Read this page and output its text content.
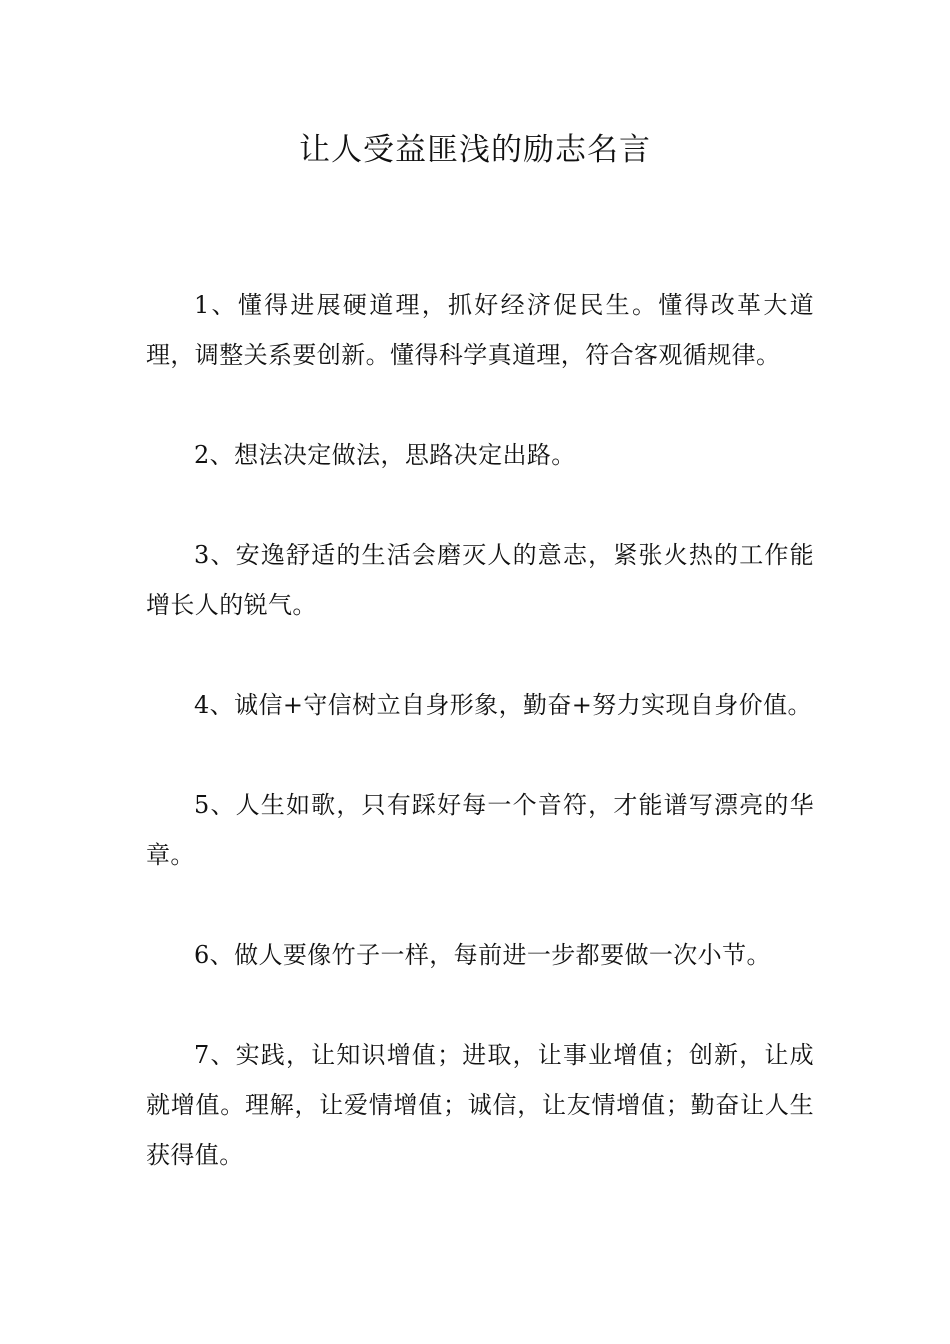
让人受益匪浅的励志名言

1、懂得进展硬道理，抓好经济促民生。懂得改革大道理，调整关系要创新。懂得科学真道理，符合客观循规律。

2、想法决定做法，思路决定出路。

3、安逸舒适的生活会磨灭人的意志，紧张火热的工作能增长人的锐气。

4、诚信+守信树立自身形象，勤奋+努力实现自身价值。

5、人生如歌，只有踩好每一个音符，才能谱写漂亮的华章。

6、做人要像竹子一样，每前进一步都要做一次小节。

7、实践，让知识增值；进取，让事业增值；创新，让成就增值。理解，让爱情增值；诚信，让友情增值；勤奋让人生获得值。
